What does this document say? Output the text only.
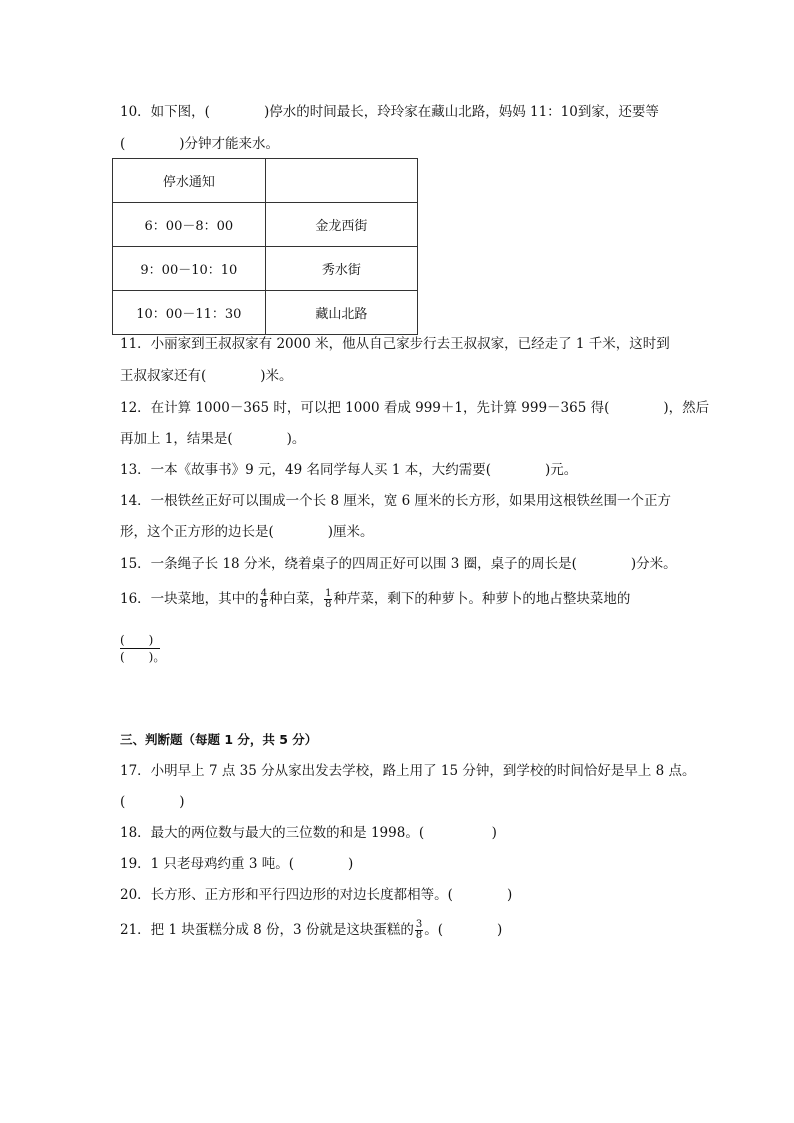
10．如下图，(　　　　)停水的时间最长，玲玲家在藏山北路，妈妈 11：10到家，还要等
(　　　　)分钟才能来水。
停水通知	
6：00－8：00	金龙西街
9：00－10：10	秀水街
10：00－11：30	藏山北路
11．小丽家到王叔叔家有 2000 米，他从自己家步行去王叔叔家，已经走了 1 千米，这时到
王叔叔家还有(　　　　)米。
12．在计算 1000－365 时，可以把 1000 看成 999＋1，先计算 999－365 得(　　　　)，然后
再加上 1，结果是(　　　　)。
13．一本《故事书》9 元，49 名同学每人买 1 本，大约需要(　　　　)元。
14．一根铁丝正好可以围成一个长 8 厘米，宽 6 厘米的长方形，如果用这根铁丝围一个正方
形，这个正方形的边长是(　　　　)厘米。
15．一条绳子长 18 分米，绕着桌子的四周正好可以围 3 圈，桌子的周长是(　　　　)分米。
16．一块菜地，其中的 $\frac{4}{8}$ 种白菜， $\frac{1}{8}$ 种芹菜，剩下的种萝卜。种萝卜的地占整块菜地的
(　　)
(　　)。
三、判断题（每题 1 分，共 5 分）
17．小明早上 7 点 35 分从家出发去学校，路上用了 15 分钟，到学校的时间恰好是早上 8 点。
(　　　　)
18．最大的两位数与最大的三位数的和是 1998。(　　　　　)
19．1 只老母鸡约重 3 吨。(　　　　)
20．长方形、正方形和平行四边形的对边长度都相等。(　　　　)
21．把 1 块蛋糕分成 8 份，3 份就是这块蛋糕的 $\frac{3}{8}$ 。(　　　　)
